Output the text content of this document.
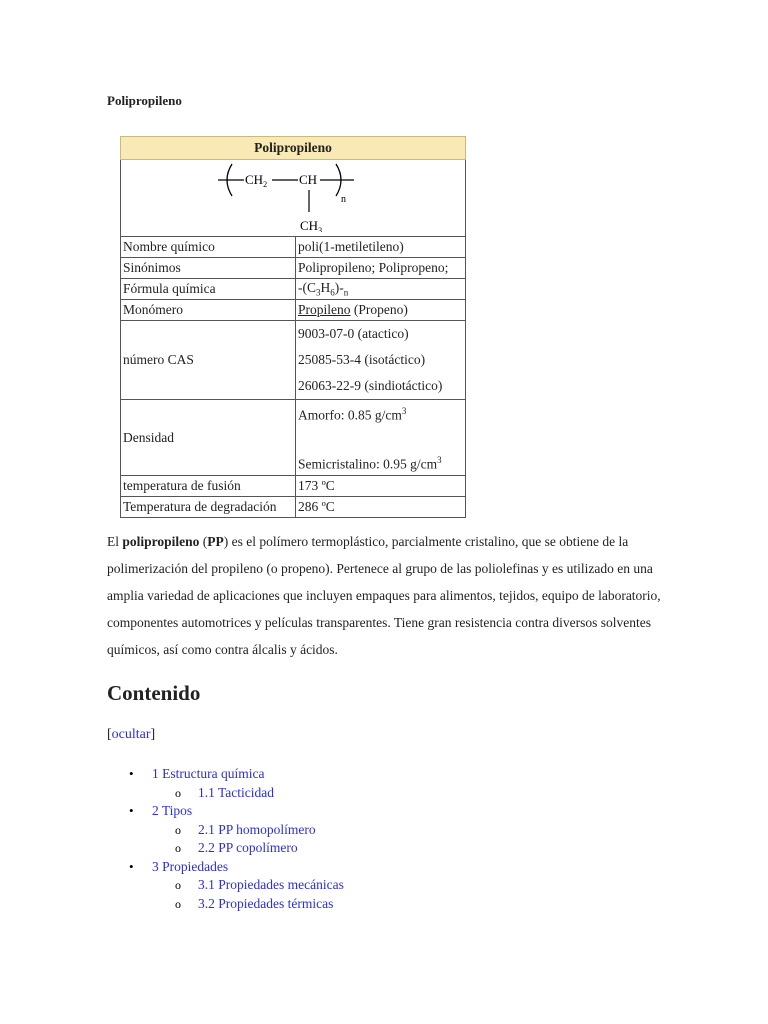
Polipropileno
Polipropileno	

$CH_2$ CH
n
$CH_3$

Nombre químico	poli(1-metiletileno)
Sinónimos	Polipropileno; Polipropeno;
Fórmula química	$-(C_3H_6)-_n$
Monómero	Propileno (Propeno)
número CAS	9003-07-0 (atactico)
25085-53-4 (isotáctico)
26063-22-9 (sindiotáctico)

Densidad	Amorfo: 0.85 $g/cm^3$

Semicristalino: 0.95 $g/cm^3$

temperatura de fusión	173 ºC
Temperatura de degradación	286 ºC

El polipropileno (PP) es el polímero termoplástico, parcialmente cristalino, que se obtiene de la polimerización del propileno (o propeno). Pertenece al grupo de las poliolefinas y es utilizado en una amplia variedad de aplicaciones que incluyen empaques para alimentos, tejidos, equipo de laboratorio, componentes automotrices y películas transparentes. Tiene gran resistencia contra diversos solventes químicos, así como contra álcalis y ácidos.

Contenido
[ocultar]
• 1 Estructura química
o 1.1 Tacticidad
• 2 Tipos
o 2.1 PP homopolímero
o 2.2 PP copolímero
• 3 Propiedades
o 3.1 Propiedades mecánicas
o 3.2 Propiedades térmicas
